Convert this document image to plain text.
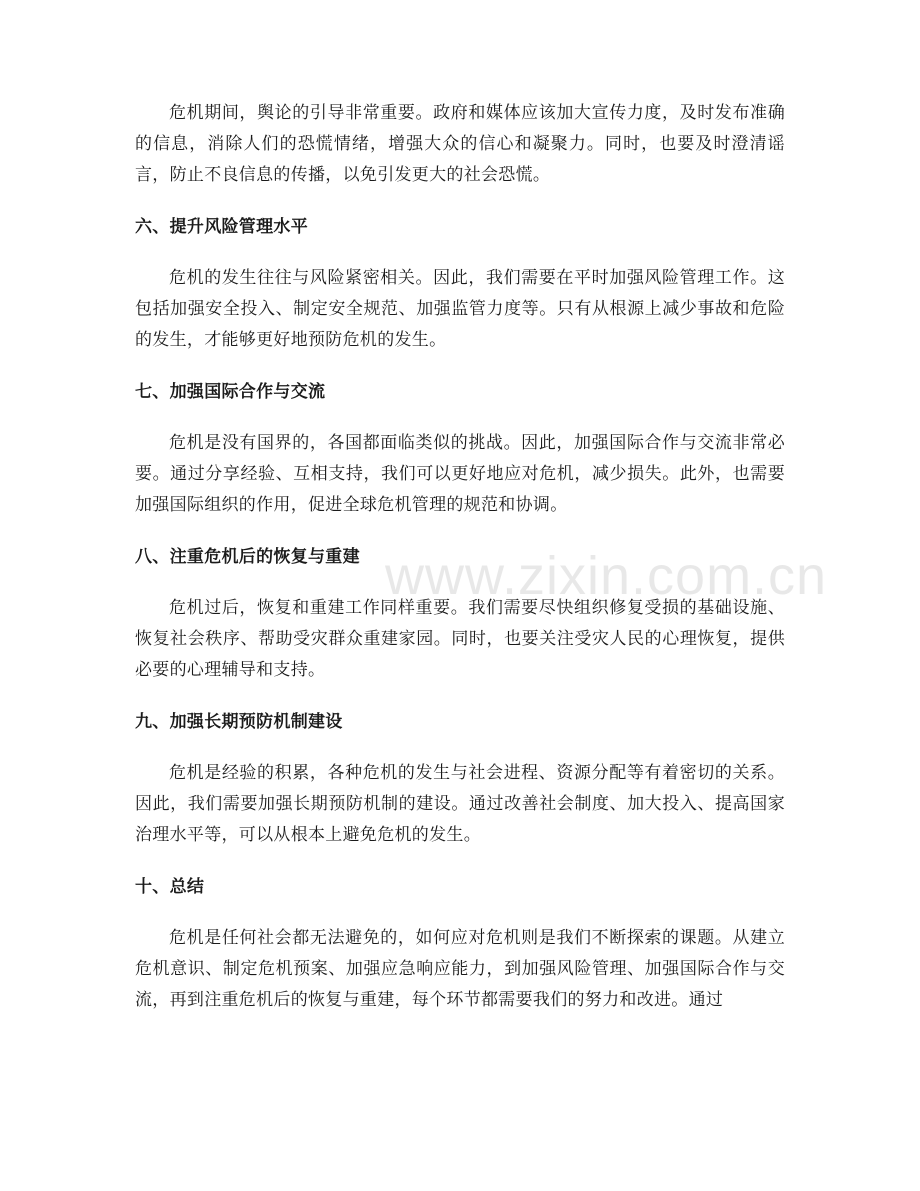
危机期间，舆论的引导非常重要。政府和媒体应该加大宣传力度，及时发布准确的信息，消除人们的恐慌情绪，增强大众的信心和凝聚力。同时，也要及时澄清谣言，防止不良信息的传播，以免引发更大的社会恐慌。

六、提升风险管理水平

危机的发生往往与风险紧密相关。因此，我们需要在平时加强风险管理工作。这包括加强安全投入、制定安全规范、加强监管力度等。只有从根源上减少事故和危险的发生，才能够更好地预防危机的发生。

七、加强国际合作与交流

危机是没有国界的，各国都面临类似的挑战。因此，加强国际合作与交流非常必要。通过分享经验、互相支持，我们可以更好地应对危机，减少损失。此外，也需要加强国际组织的作用，促进全球危机管理的规范和协调。

八、注重危机后的恢复与重建

危机过后，恢复和重建工作同样重要。我们需要尽快组织修复受损的基础设施、恢复社会秩序、帮助受灾群众重建家园。同时，也要关注受灾人民的心理恢复，提供必要的心理辅导和支持。

九、加强长期预防机制建设

危机是经验的积累，各种危机的发生与社会进程、资源分配等有着密切的关系。因此，我们需要加强长期预防机制的建设。通过改善社会制度、加大投入、提高国家治理水平等，可以从根本上避免危机的发生。

十、总结

危机是任何社会都无法避免的，如何应对危机则是我们不断探索的课题。从建立危机意识、制定危机预案、加强应急响应能力，到加强风险管理、加强国际合作与交流，再到注重危机后的恢复与重建，每个环节都需要我们的努力和改进。通过

www.zixin.com.cn
